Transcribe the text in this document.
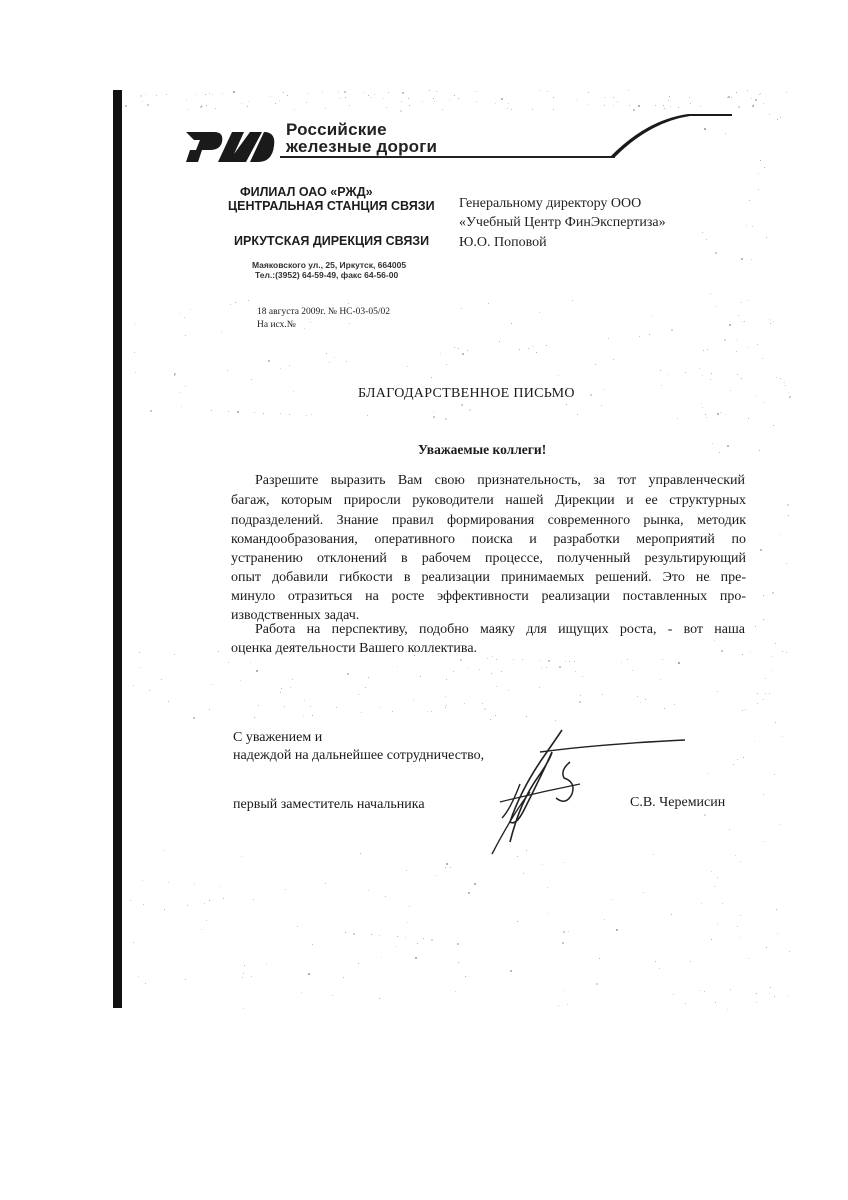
Российские
железные дороги
ФИЛИАЛ ОАО «РЖД»
ЦЕНТРАЛЬНАЯ СТАНЦИЯ СВЯЗИ
ИРКУТСКАЯ ДИРЕКЦИЯ СВЯЗИ
Маяковского ул., 25, Иркутск, 664005
Тел.:(3952) 64-59-49, факс 64-56-00
18 августа 2009г. № НС-03-05/02
На исх.№
Генеральному директору ООО
«Учебный Центр ФинЭкспертиза»
Ю.О. Поповой
БЛАГОДАРСТВЕННОЕ ПИСЬМО
Уважаемые коллеги!
Разрешите выразить Вам свою признательность, за тот управленческий
багаж, которым приросли руководители нашей Дирекции и ее структурных
подразделений. Знание правил формирования современного рынка, методик
командообразования, оперативного поиска и разработки мероприятий по
устранению отклонений в рабочем процессе, полученный результирующий
опыт добавили гибкости в реализации принимаемых решений. Это не пре-
минуло отразиться на росте эффективности реализации поставленных про-
изводственных задач.
Работа на перспективу, подобно маяку для ищущих роста, - вот наша
оценка деятельности Вашего коллектива.
С уважением и
надеждой на дальнейшее сотрудничество,
первый заместитель начальника	С.В. Черемисин
